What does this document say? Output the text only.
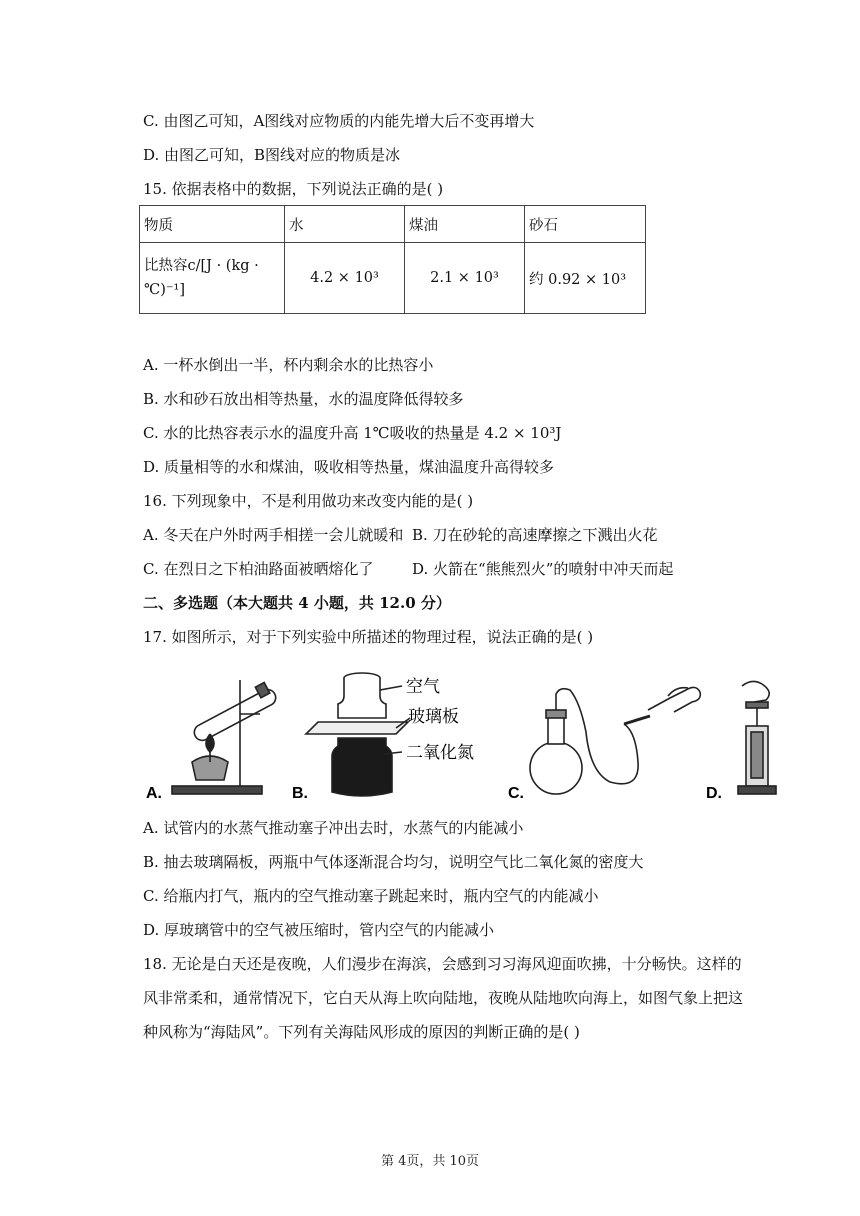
C. 由图乙可知，A图线对应物质的内能先增大后不变再增大
D. 由图乙可知，B图线对应的物质是冰
15. 依据表格中的数据，下列说法正确的是( )
物质	水	煤油	砂石

比热容c/[J · (kg ·
℃)⁻¹]	4.2 × 10³	2.1 × 10³	约 0.92 × 10³
A. 一杯水倒出一半，杯内剩余水的比热容小
B. 水和砂石放出相等热量，水的温度降低得较多
C. 水的比热容表示水的温度升高 1℃吸收的热量是 4.2 × 10³J
D. 质量相等的水和煤油，吸收相等热量，煤油温度升高得较多
16. 下列现象中，不是利用做功来改变内能的是( )
A. 冬天在户外时两手相搓一会儿就暖和 B. 刀在砂轮的高速摩擦之下溅出火花
C. 在烈日之下柏油路面被晒熔化了	D. 火箭在“熊熊烈火”的喷射中冲天而起
二、多选题（本大题共 4 小题，共 12.0 分）
17. 如图所示，对于下列实验中所描述的物理过程，说法正确的是( )
A.
空气
玻璃板
二氧化氮
B.	C.	D.
A. 试管内的水蒸气推动塞子冲出去时，水蒸气的内能减小
B. 抽去玻璃隔板，两瓶中气体逐渐混合均匀，说明空气比二氧化氮的密度大
C. 给瓶内打气，瓶内的空气推动塞子跳起来时，瓶内空气的内能减小
D. 厚玻璃管中的空气被压缩时，管内空气的内能减小
18. 无论是白天还是夜晚，人们漫步在海滨，会感到习习海风迎面吹拂，十分畅快。这样的
风非常柔和，通常情况下，它白天从海上吹向陆地，夜晚从陆地吹向海上，如图气象上把这
种风称为“海陆风”。下列有关海陆风形成的原因的判断正确的是( )
第 4页，共 10页
